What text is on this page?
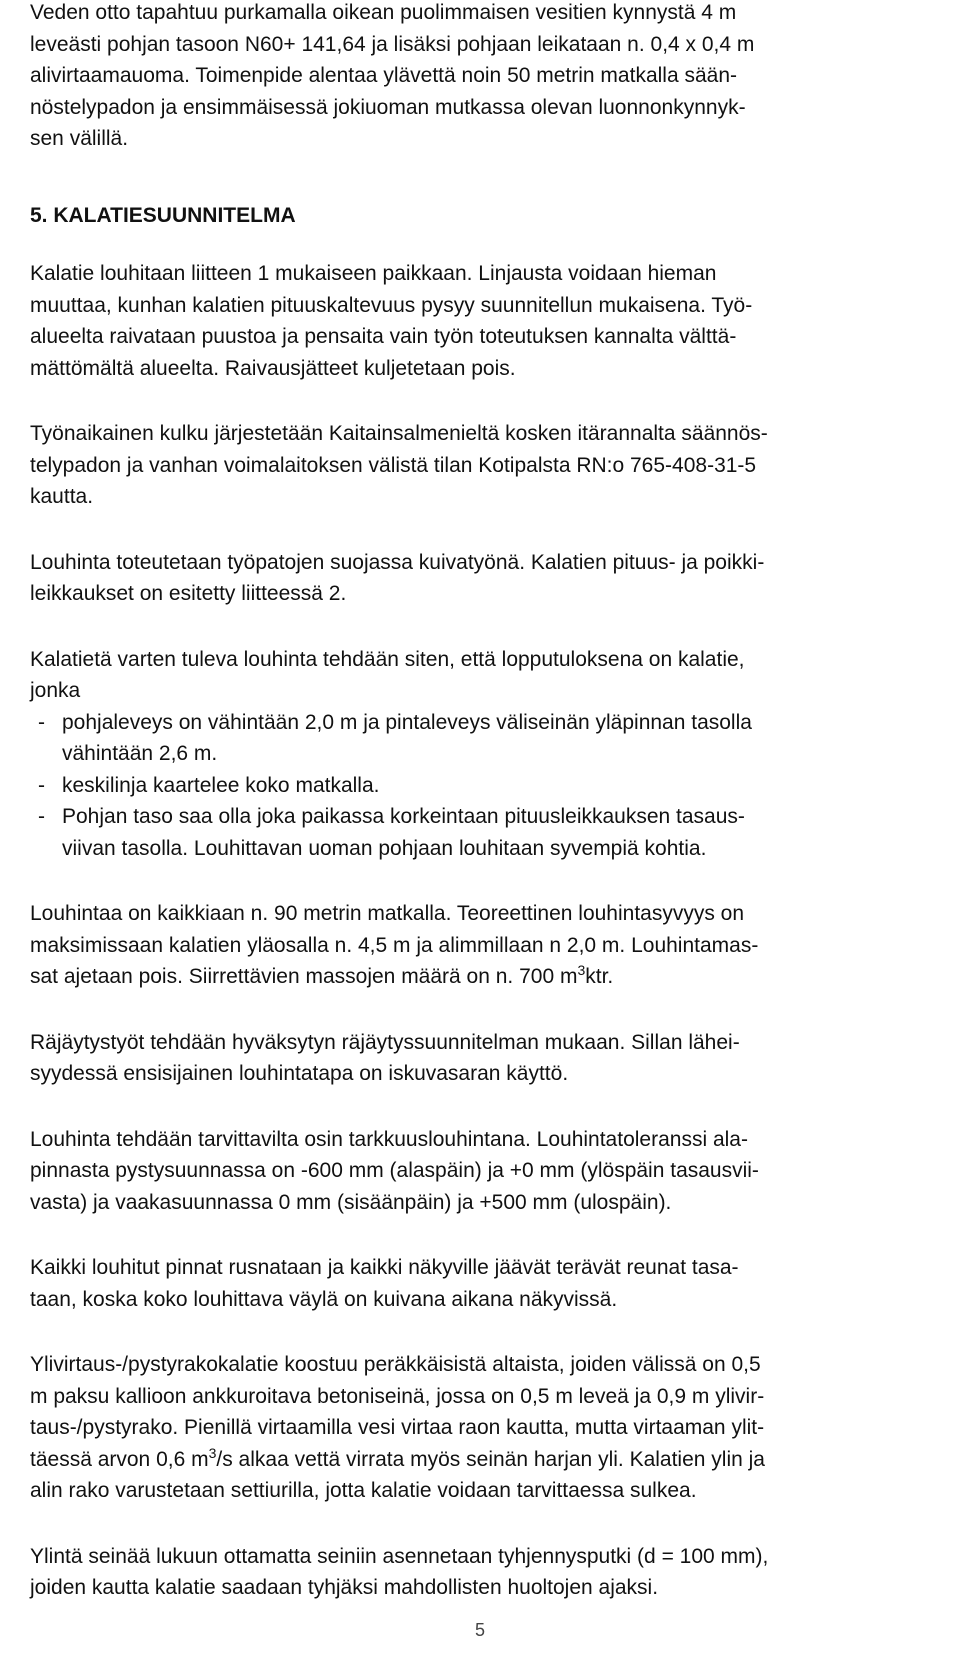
Veden otto tapahtuu purkamalla oikean puolimmaisen vesitien kynnystä 4 m
leveästi pohjan tasoon N60+ 141,64 ja lisäksi pohjaan leikataan n. 0,4 x 0,4 m
alivirtaamauoma. Toimenpide alentaa ylävettä noin 50 metrin matkalla sään-
nöstelypadon ja ensimmäisessä jokiuoman mutkassa olevan luonnonkynnyk-
sen välillä.
5. KALATIESUUNNITELMA
Kalatie louhitaan liitteen 1 mukaiseen paikkaan. Linjausta voidaan hieman
muuttaa, kunhan kalatien pituuskaltevuus pysyy suunnitellun mukaisena. Työ-
alueelta raivataan puustoa ja pensaita vain työn toteutuksen kannalta välttä-
mättömältä alueelta. Raivausjätteet kuljetetaan pois.
Työnaikainen kulku järjestetään Kaitainsalmenieltä kosken itärannalta säännös-
telypadon ja vanhan voimalaitoksen välistä tilan Kotipalsta RN:o 765-408-31-5
kautta.
Louhinta toteutetaan työpatojen suojassa kuivatyönä. Kalatien pituus- ja poikki-
leikkaukset on esitetty liitteessä 2.
Kalatietä varten tuleva louhinta tehdään siten, että lopputuloksena on kalatie,
jonka
- pohjaleveys on vähintään 2,0 m ja pintaleveys väliseinän yläpinnan tasolla
vähintään 2,6 m.
- keskilinja kaartelee koko matkalla.
- Pohjan taso saa olla joka paikassa korkeintaan pituusleikkauksen tasaus-
viivan tasolla. Louhittavan uoman pohjaan louhitaan syvempiä kohtia.
Louhintaa on kaikkiaan n. 90 metrin matkalla. Teoreettinen louhintasyvyys on
maksimissaan kalatien yläosalla n. 4,5 m ja alimmillaan n 2,0 m. Louhintamas-
sat ajetaan pois. Siirrettävien massojen määrä on n. 700 $m^3ktr$.
Räjäytystyöt tehdään hyväksytyn räjäytyssuunnitelman mukaan. Sillan lähei-
syydessä ensisijainen louhintatapa on iskuvasaran käyttö.
Louhinta tehdään tarvittavilta osin tarkkuuslouhintana. Louhintatoleranssi ala-
pinnasta pystysuunnassa on -600 mm (alaspäin) ja +0 mm (ylöspäin tasausvii-
vasta) ja vaakasuunnassa 0 mm (sisäänpäin) ja +500 mm (ulospäin).
Kaikki louhitut pinnat rusnataan ja kaikki näkyville jäävät terävät reunat tasa-
taan, koska koko louhittava väylä on kuivana aikana näkyvissä.
Ylivirtaus-/pystyrakokalatie koostuu peräkkäisistä altaista, joiden välissä on 0,5
m paksu kallioon ankkuroitava betoniseinä, jossa on 0,5 m leveä ja 0,9 m ylivir-
taus-/pystyrako. Pienillä virtaamilla vesi virtaa raon kautta, mutta virtaaman ylit-
täessä arvon 0,6 $m^3/s$ alkaa vettä virrata myös seinän harjan yli. Kalatien ylin ja
alin rako varustetaan settiurilla, jotta kalatie voidaan tarvittaessa sulkea.
Ylintä seinää lukuun ottamatta seiniin asennetaan tyhjennysputki (d = 100 mm),
joiden kautta kalatie saadaan tyhjäksi mahdollisten huoltojen ajaksi.
5
